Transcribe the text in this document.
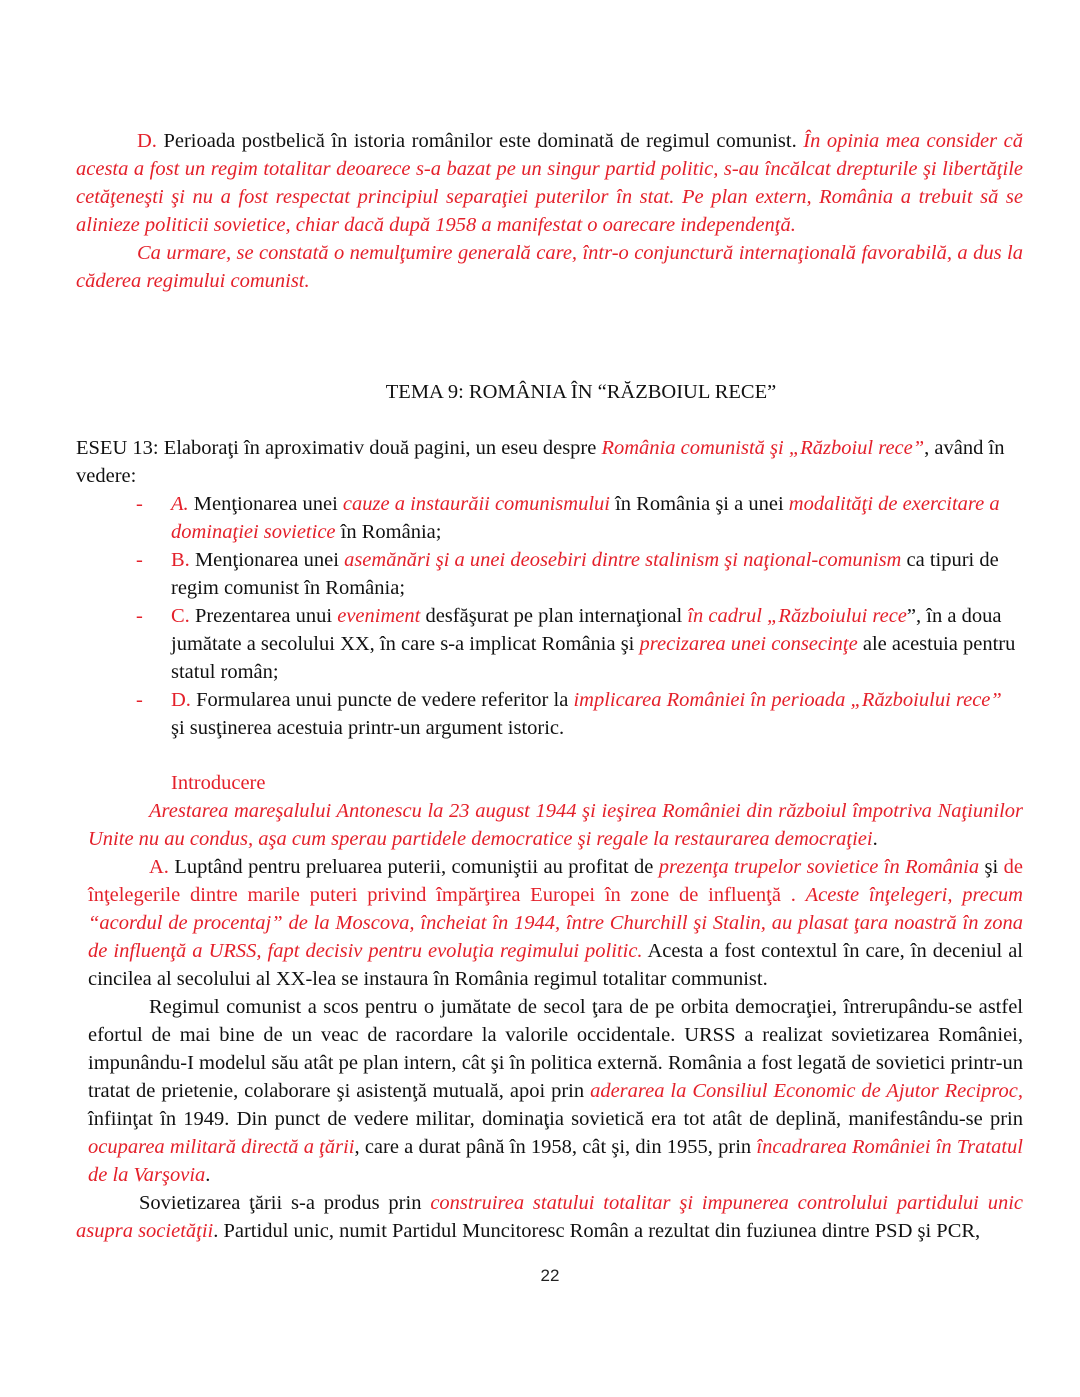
D. Perioada postbelică în istoria românilor este dominată de regimul comunist. În opinia mea consider că acesta a fost un regim totalitar deoarece s-a bazat pe un singur partid politic, s-au încălcat drepturile şi libertăţile cetăţeneşti şi nu a fost respectat principiul separaţiei puterilor în stat. Pe plan extern, România a trebuit să se alinieze politicii sovietice, chiar dacă după 1958 a manifestat o oarecare independenţă.

Ca urmare, se constată o nemulţumire generală care, într-o conjunctură internaţională favorabilă, a dus la căderea regimului comunist.

TEMA 9: ROMÂNIA ÎN “RĂZBOIUL RECE”

ESEU 13: Elaboraţi în aproximativ două pagini, un eseu despre România comunistă şi „Războiul rece”, având în vedere:

- A. Menţionarea unei cauze a instaurăii comunismului în România şi a unei modalităţi de exercitare a dominaţiei sovietice în România;
- B. Menţionarea unei asemănări şi a unei deosebiri dintre stalinism şi naţional-comunism ca tipuri de regim comunist în România;
- C. Prezentarea unui eveniment desfăşurat pe plan internaţional în cadrul „Războiului rece”, în a doua jumătate a secolului XX, în care s-a implicat România şi precizarea unei consecinţe ale acestuia pentru statul român;
- D. Formularea unui puncte de vedere referitor la implicarea României în perioada „Războiului rece” şi susţinerea acestuia printr-un argument istoric.
Introducere

Arestarea mareşalului Antonescu la 23 august 1944 şi ieşirea României din războiul împotriva Naţiunilor Unite nu au condus, aşa cum sperau partidele democratice şi regale la restaurarea democraţiei.

A. Luptând pentru preluarea puterii, comuniştii au profitat de prezenţa trupelor sovietice în România şi de înţelegerile dintre marile puteri privind împărţirea Europei în zone de influenţă . Aceste înţelegeri, precum “acordul de procentaj” de la Moscova, încheiat în 1944, între Churchill şi Stalin, au plasat ţara noastră în zona de influenţă a URSS, fapt decisiv pentru evoluţia regimului politic. Acesta a fost contextul în care, în deceniul al cincilea al secolului al XX-lea se instaura în România regimul totalitar communist.

Regimul comunist a scos pentru o jumătate de secol ţara de pe orbita democraţiei, întrerupându-se astfel efortul de mai bine de un veac de racordare la valorile occidentale. URSS a realizat sovietizarea României, impunându-I modelul său atât pe plan intern, cât şi în politica externă. România a fost legată de sovietici printr-un tratat de prietenie, colaborare şi asistenţă mutuală, apoi prin aderarea la Consiliul Economic de Ajutor Reciproc, înfiinţat în 1949. Din punct de vedere militar, dominaţia sovietică era tot atât de deplină, manifestându-se prin ocuparea militară directă a ţării, care a durat până în 1958, cât şi, din 1955, prin încadrarea României în Tratatul de la Varşovia.

Sovietizarea ţării s-a produs prin construirea statului totalitar şi impunerea controlului partidului unic asupra societăţii. Partidul unic, numit Partidul Muncitoresc Român a rezultat din fuziunea dintre PSD şi PCR,

22
